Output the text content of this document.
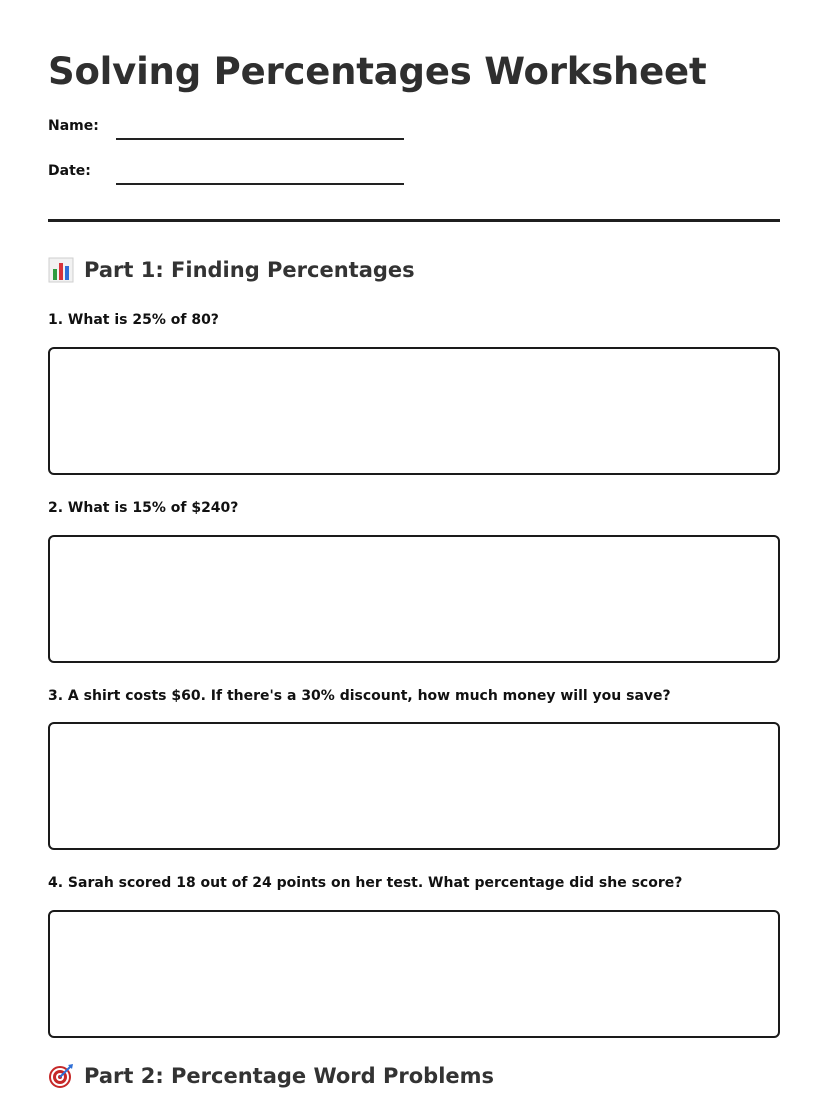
Solving Percentages Worksheet
Name:
Date:
Part 1: Finding Percentages
1. What is 25% of 80?
2. What is 15% of $240?
3. A shirt costs $60. If there's a 30% discount, how much money will you save?
4. Sarah scored 18 out of 24 points on her test. What percentage did she score?
Part 2: Percentage Word Problems
